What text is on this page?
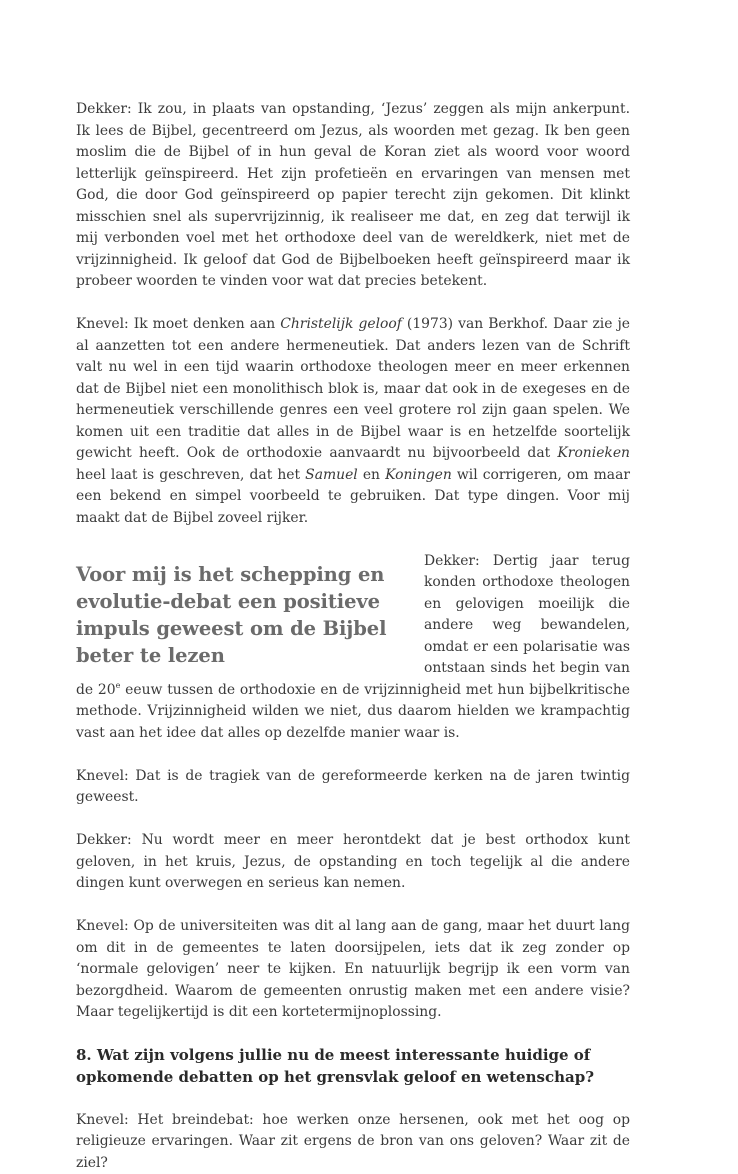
Dekker: Ik zou, in plaats van opstanding, ‘Jezus’ zeggen als mijn ankerpunt. Ik lees de Bijbel, gecentreerd om Jezus, als woorden met gezag. Ik ben geen moslim die de Bijbel of in hun geval de Koran ziet als woord voor woord letterlijk geïnspireerd. Het zijn profetieën en ervaringen van mensen met God, die door God geïnspireerd op papier terecht zijn gekomen. Dit klinkt misschien snel als supervrijzinnig, ik realiseer me dat, en zeg dat terwijl ik mij verbonden voel met het orthodoxe deel van de wereldkerk, niet met de vrijzinnigheid. Ik geloof dat God de Bijbelboeken heeft geïnspireerd maar ik probeer woorden te vinden voor wat dat precies betekent.

Knevel: Ik moet denken aan Christelijk geloof (1973) van Berkhof. Daar zie je al aanzetten tot een andere hermeneutiek. Dat anders lezen van de Schrift valt nu wel in een tijd waarin orthodoxe theologen meer en meer erkennen dat de Bijbel niet een monolithisch blok is, maar dat ook in de exegeses en de hermeneutiek verschillende genres een veel grotere rol zijn gaan spelen. We komen uit een traditie dat alles in de Bijbel waar is en hetzelfde soortelijk gewicht heeft. Ook de orthodoxie aanvaardt nu bijvoorbeeld dat Kronieken heel laat is geschreven, dat het Samuel en Koningen wil corrigeren, om maar een bekend en simpel voorbeeld te gebruiken. Dat type dingen. Voor mij maakt dat de Bijbel zoveel rijker.

Voor mij is het schepping en evolutie-debat een positieve impuls geweest om de Bijbel beter te lezen

Dekker: Dertig jaar terug konden orthodoxe theologen en gelovigen moeilijk die andere weg bewandelen, omdat er een polarisatie was ontstaan sinds het begin van de 20e eeuw tussen de orthodoxie en de vrijzinnigheid met hun bijbelkritische methode. Vrijzinnigheid wilden we niet, dus daarom hielden we krampachtig vast aan het idee dat alles op dezelfde manier waar is.

Knevel: Dat is de tragiek van de gereformeerde kerken na de jaren twintig geweest.

Dekker: Nu wordt meer en meer herontdekt dat je best orthodox kunt geloven, in het kruis, Jezus, de opstanding en toch tegelijk al die andere dingen kunt overwegen en serieus kan nemen.

Knevel: Op de universiteiten was dit al lang aan de gang, maar het duurt lang om dit in de gemeentes te laten doorsijpelen, iets dat ik zeg zonder op ‘normale gelovigen’ neer te kijken. En natuurlijk begrijp ik een vorm van bezorgdheid. Waarom de gemeenten onrustig maken met een andere visie? Maar tegelijkertijd is dit een kortetermijnoplossing.

8. Wat zijn volgens jullie nu de meest interessante huidige of opkomende debatten op het grensvlak geloof en wetenschap?

Knevel: Het breindebat: hoe werken onze hersenen, ook met het oog op religieuze ervaringen. Waar zit ergens de bron van ons geloven? Waar zit de ziel?
